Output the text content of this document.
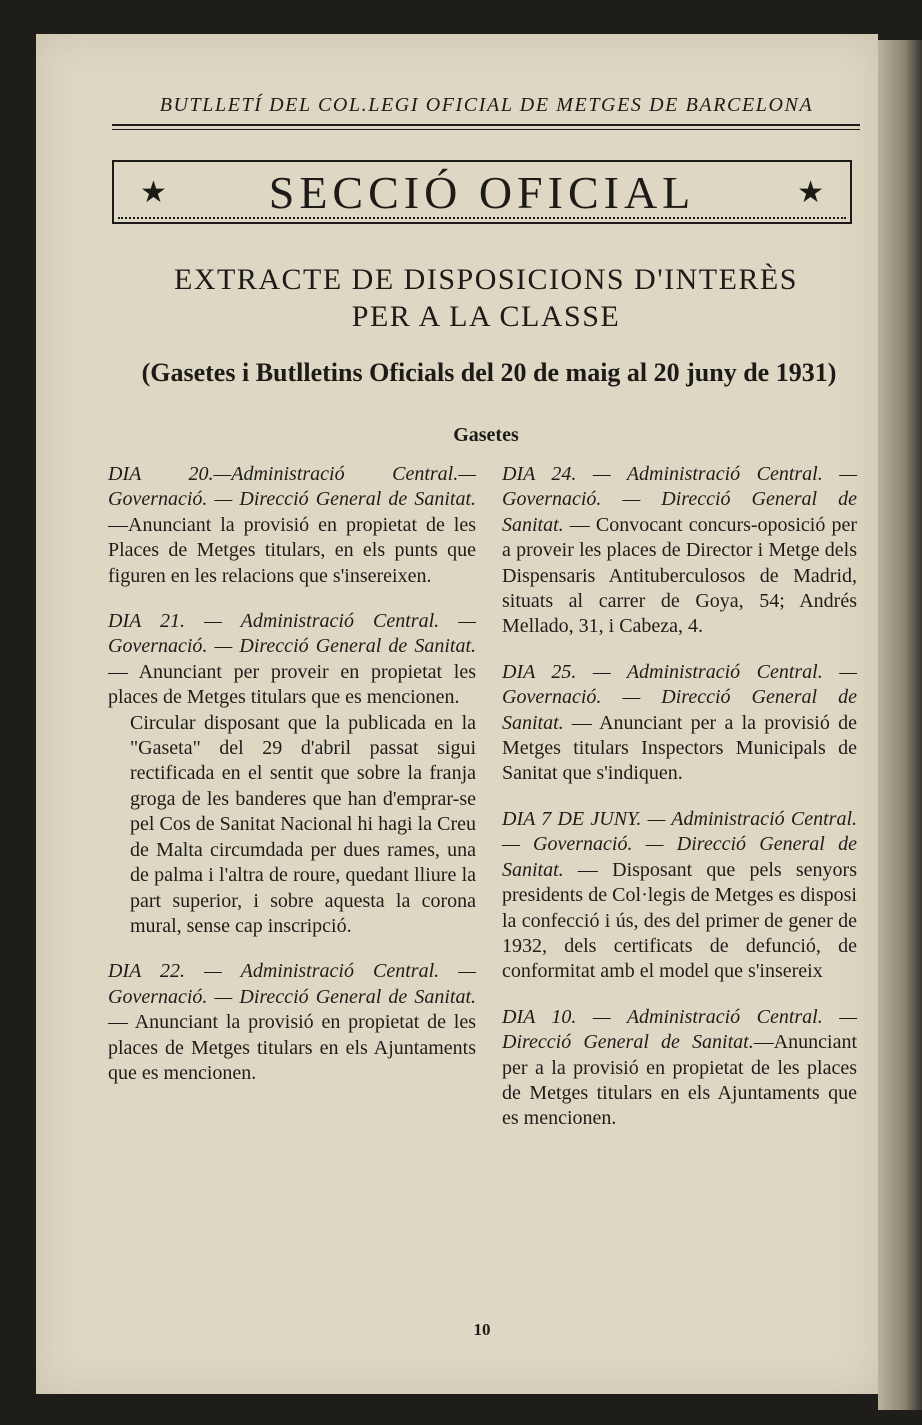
BUTLLETÍ DEL COL.LEGI OFICIAL DE METGES DE BARCELONA
★ SECCIÓ OFICIAL	★
EXTRACTE DE DISPOSICIONS D'INTERÈS
PER A LA CLASSE
(Gasetes i Butlletins Oficials del 20 de maig al 20 juny de 1931)
Gasetes

DIA 20.—Administració Central.— Governació. — Direcció General de Sanitat.—Anunciant la provisió en propietat de les Places de Metges titulars, en els punts que figuren en les relacions que s'insereixen.

DIA 21. — Administració Central. — Governació. — Direcció General de Sanitat. — Anunciant per proveir en propietat les places de Metges titulars que es mencionen.

Circular disposant que la publicada en la "Gaseta" del 29 d'abril passat sigui rectificada en el sentit que sobre la franja groga de les banderes que han d'emprar-se pel Cos de Sanitat Nacional hi hagi la Creu de Malta circumdada per dues rames, una de palma i l'altra de roure, quedant lliure la part superior, i sobre aquesta la corona mural, sense cap inscripció.

DIA 22. — Administració Central. — Governació. — Direcció General de Sanitat. — Anunciant la provisió en propietat de les places de Metges titulars en els Ajuntaments que es mencionen.

DIA 24. — Administració Central. — Governació. — Direcció General de Sanitat. — Convocant concurs-oposició per a proveir les places de Director i Metge dels Dispensaris Antituberculosos de Madrid, situats al carrer de Goya, 54; Andrés Mellado, 31, i Cabeza, 4.

DIA 25. — Administració Central. — Governació. — Direcció General de Sanitat. — Anunciant per a la provisió de Metges titulars Inspectors Municipals de Sanitat que s'indiquen.

DIA 7 DE JUNY. — Administració Central. — Governació. — Direcció General de Sanitat. — Disposant que pels senyors presidents de Col·legis de Metges es disposi la confecció i ús, des del primer de gener de 1932, dels certificats de defunció, de conformitat amb el model que s'insereix

DIA 10. — Administració Central. — Direcció General de Sanitat.—Anunciant per a la provisió en propietat de les places de Metges titulars en els Ajuntaments que es mencionen.

10
